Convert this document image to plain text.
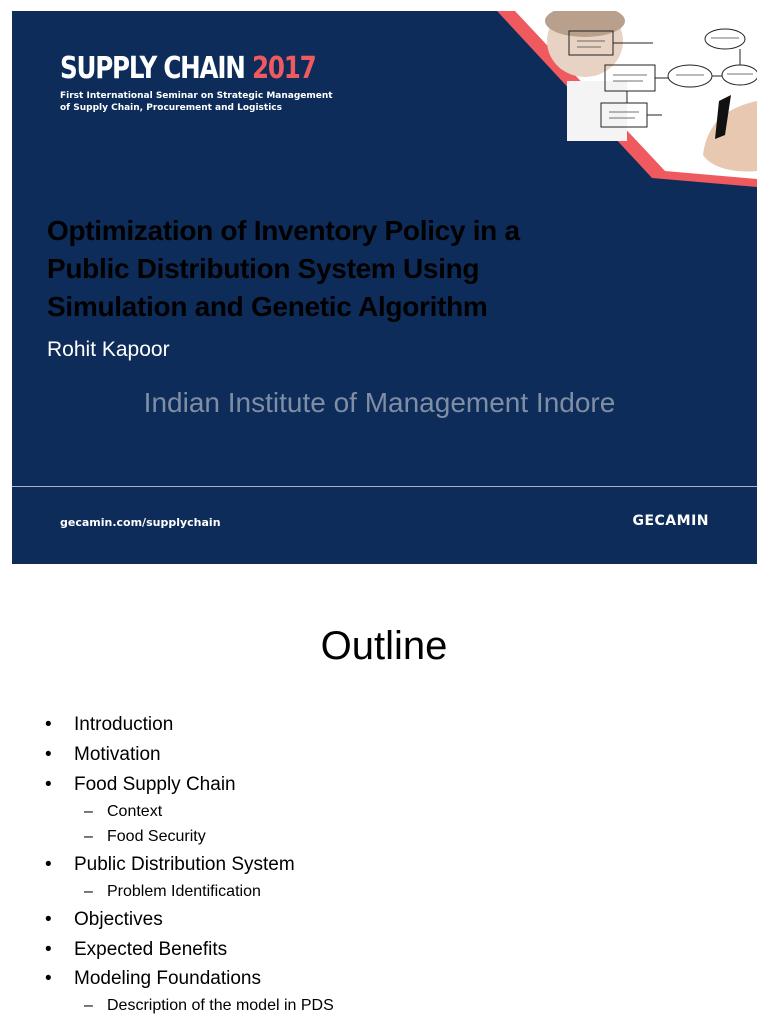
SUPPLY CHAIN 2017
First International Seminar on Strategic Management
of Supply Chain, Procurement and Logistics
Optimization of Inventory Policy in a
Public Distribution System Using
Simulation and Genetic Algorithm
Rohit Kapoor
Indian Institute of Management Indore
gecamin.com/supplychain	GECAMIN
Outline
• Introduction
• Motivation
• Food Supply Chain
– Context
– Food Security
• Public Distribution System
– Problem Identification
• Objectives
• Expected Benefits
• Modeling Foundations
– Description of the model in PDS
